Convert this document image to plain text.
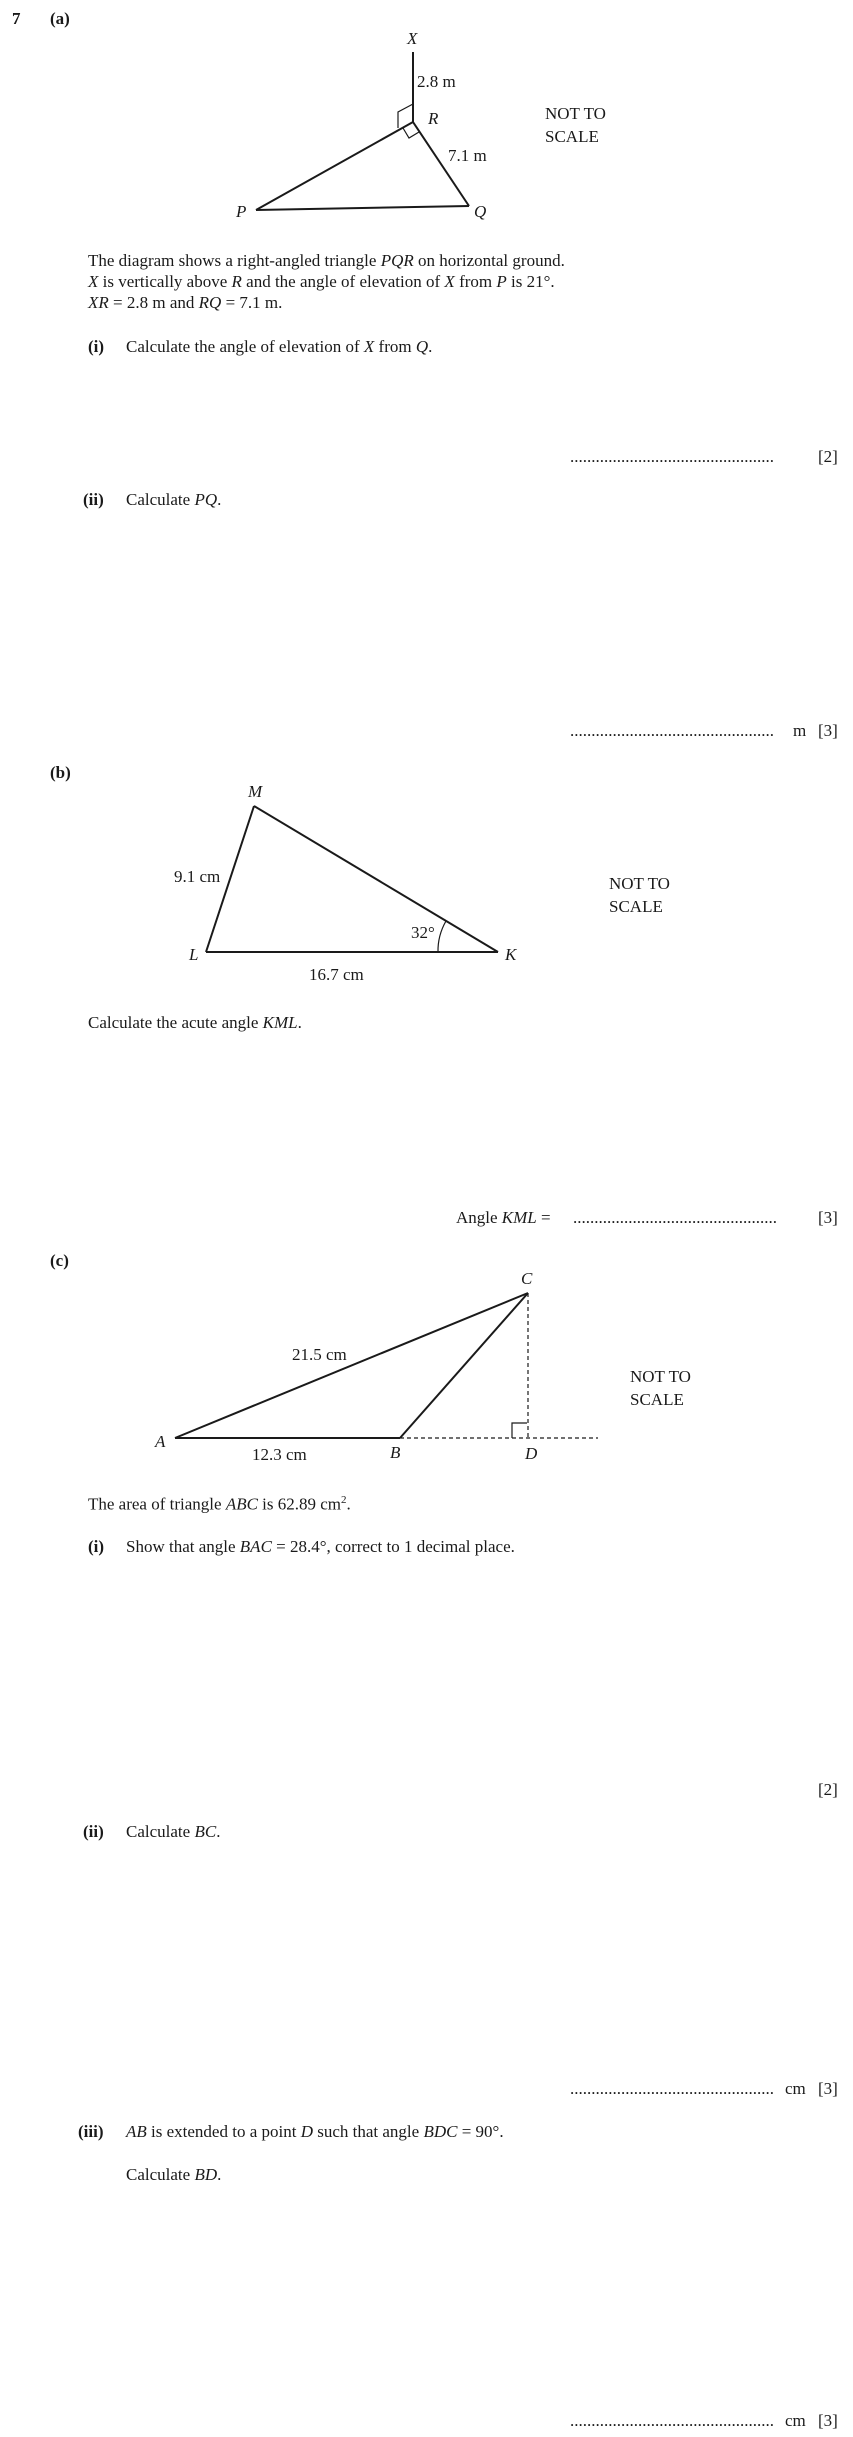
7 (a)
X
R
P	Q
2.8 m
7.1 m
NOT TO
SCALE
The diagram shows a right-angled triangle PQR on horizontal ground.
X is vertically above R and the angle of elevation of X from P is 21°.
XR = 2.8 m and RQ = 7.1 m.
(i) Calculate the angle of elevation of X from Q.
................................................	[2]
(ii) Calculate PQ.
................................................ m [3]
(b)
M
L	K
9.1 cm
16.7 cm
32°
NOT TO
SCALE
Calculate the acute angle KML.
Angle KML = ................................................ [3]
(c)
C
A
B	D
21.5 cm
12.3 cm
NOT TO
SCALE
The area of triangle ABC is 62.89 $cm^2$.
(i) Show that angle BAC = 28.4°, correct to 1 decimal place.
[2]
(ii) Calculate BC.
................................................ cm [3]
(iii) AB is extended to a point D such that angle BDC = 90°.
Calculate BD.
................................................ cm [3]
